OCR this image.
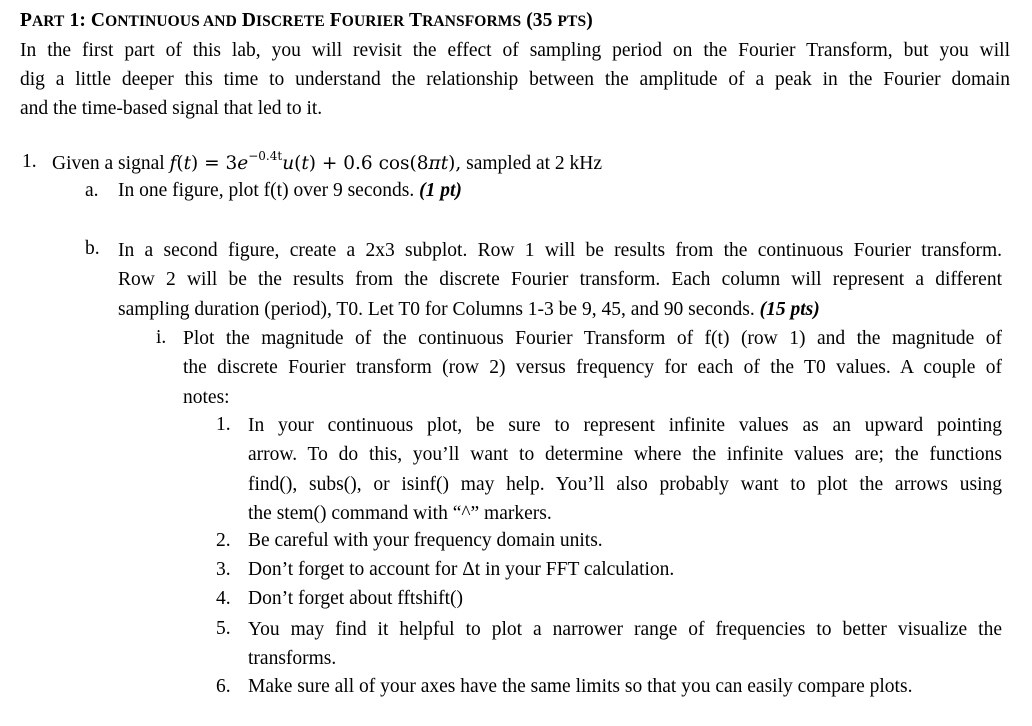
PART 1: CONTINUOUS AND DISCRETE FOURIER TRANSFORMS (35 PTS)
In the first part of this lab, you will revisit the effect of sampling period on the Fourier Transform, but you will
dig a little deeper this time to understand the relationship between the amplitude of a peak in the Fourier domain
and the time-based signal that led to it.
1. Given a signal $f(t) = 3e^{-0.4t}u(t) + 0.6$ cos(8πt), sampled at 2 kHz
a. In one figure, plot f(t) over 9 seconds. (1 pt)
b. In a second figure, create a 2x3 subplot. Row 1 will be results from the continuous Fourier transform.
Row 2 will be the results from the discrete Fourier transform. Each column will represent a different
sampling duration (period), T0. Let T0 for Columns 1-3 be 9, 45, and 90 seconds. (15 pts)
i. Plot the magnitude of the continuous Fourier Transform of f(t) (row 1) and the magnitude of
the discrete Fourier transform (row 2) versus frequency for each of the T0 values. A couple of
notes:
1. In your continuous plot, be sure to represent infinite values as an upward pointing
arrow. To do this, you’ll want to determine where the infinite values are; the functions
find(), subs(), or isinf() may help. You’ll also probably want to plot the arrows using
the stem() command with “^” markers.
2. Be careful with your frequency domain units.
3. Don’t forget to account for Δt in your FFT calculation.
4. Don’t forget about fftshift()
5. You may find it helpful to plot a narrower range of frequencies to better visualize the
transforms.
6. Make sure all of your axes have the same limits so that you can easily compare plots.
